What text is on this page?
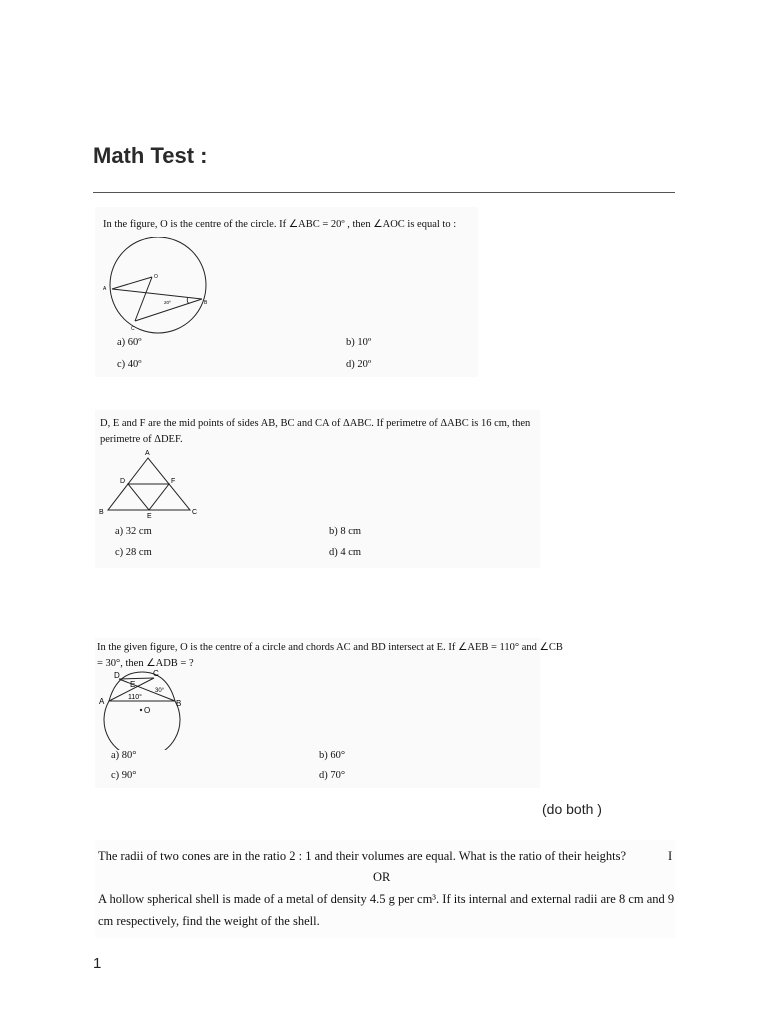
Math Test :
In the figure, O is the centre of the circle. If ∠ABC = 20º , then ∠AOC is equal to :
O
A
B
C
20º
a) 60º	b) 10º
c) 40º	d) 20º
D, E and F are the mid points of sides AB, BC and CA of ΔABC. If perimetre of ΔABC is 16 cm, then
perimetre of ΔDEF.
A
B	C
D
E
F
a) 32 cm	b) 8 cm
c) 28 cm	d) 4 cm
In the given figure, O is the centre of a circle and chords AC and BD intersect at E. If ∠AEB = 110° and ∠CB
= 30°, then ∠ADB = ?
D	C
E
A	B
110°
30°
O
a) 80°	b) 60°
c) 90°	d) 70°
(do both )
The radii of two cones are in the ratio 2 : 1 and their volumes are equal. What is the ratio of their heights?	I
OR
A hollow spherical shell is made of a metal of density 4.5 g per cm³. If its internal and external radii are 8 cm and 9
cm respectively, find the weight of the shell.
1
